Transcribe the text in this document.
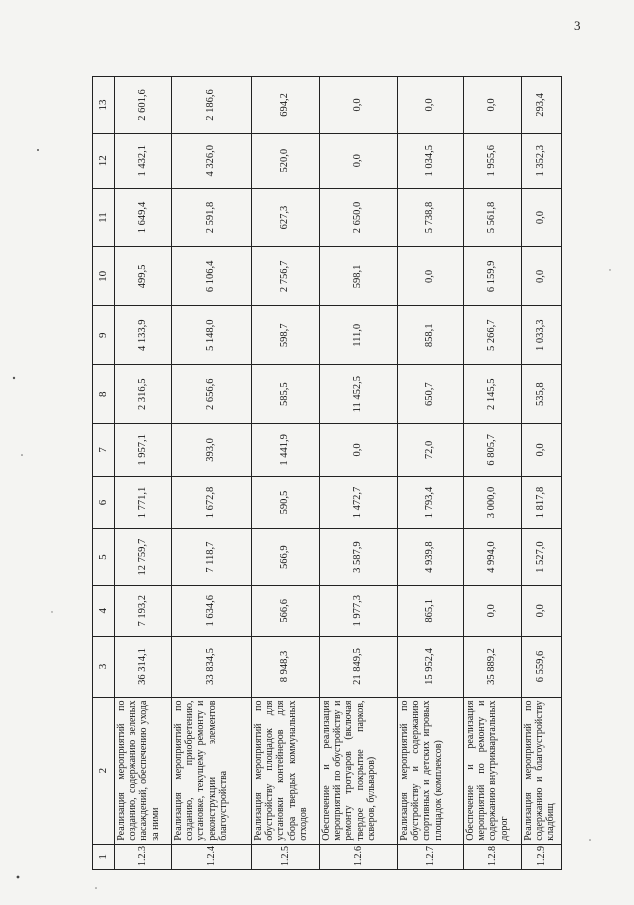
3
1	2	3	4	5	6	7	8	9	10	11	12	13
1.2.3	Реализация мероприятий по созданию, содержанию зеленых насаждений, обеспечению ухода за ними	36 314,1	7 193,2	12 759,7	1 771,1	1 957,1	2 316,5	4 133,9	499,5	1 649,4	1 432,1	2 601,6
1.2.4	Реализация мероприятий по созданию, приобретению, установке, текущему ремонту и реконструкции элементов благоустройства	33 834,5	1 634,6	7 118,7	1 672,8	393,0	2 656,6	5 148,0	6 106,4	2 591,8	4 326,0	2 186,6
1.2.5	Реализация мероприятий по обустройству площадок для установки контейнеров для сбора твердых коммунальных отходов	8 948,3	566,6	566,9	590,5	1 441,9	585,5	598,7	2 756,7	627,3	520,0	694,2
1.2.6	Обеспечение и реализация мероприятий по обустройству и ремонту тротуаров (включая твердое покрытие парков, скверов, бульваров)	21 849,5	1 977,3	3 587,9	1 472,7	0,0	11 452,5	111,0	598,1	2 650,0	0,0	0,0
1.2.7	Реализация мероприятий по обустройству и содержанию спортивных и детских игровых площадок (комплексов)	15 952,4	865,1	4 939,8	1 793,4	72,0	650,7	858,1	0,0	5 738,8	1 034,5	0,0
1.2.8	Обеспечение и реализация мероприятий по ремонту и содержанию внутриквартальных дорог	35 889,2	0,0	4 994,0	3 000,0	6 805,7	2 145,5	5 266,7	6 159,9	5 561,8	1 955,6	0,0
1.2.9	Реализация мероприятий по содержанию и благоустройству кладбищ	6 559,6	0,0	1 527,0	1 817,8	0,0	535,8	1 033,3	0,0	0,0	1 352,3	293,4
